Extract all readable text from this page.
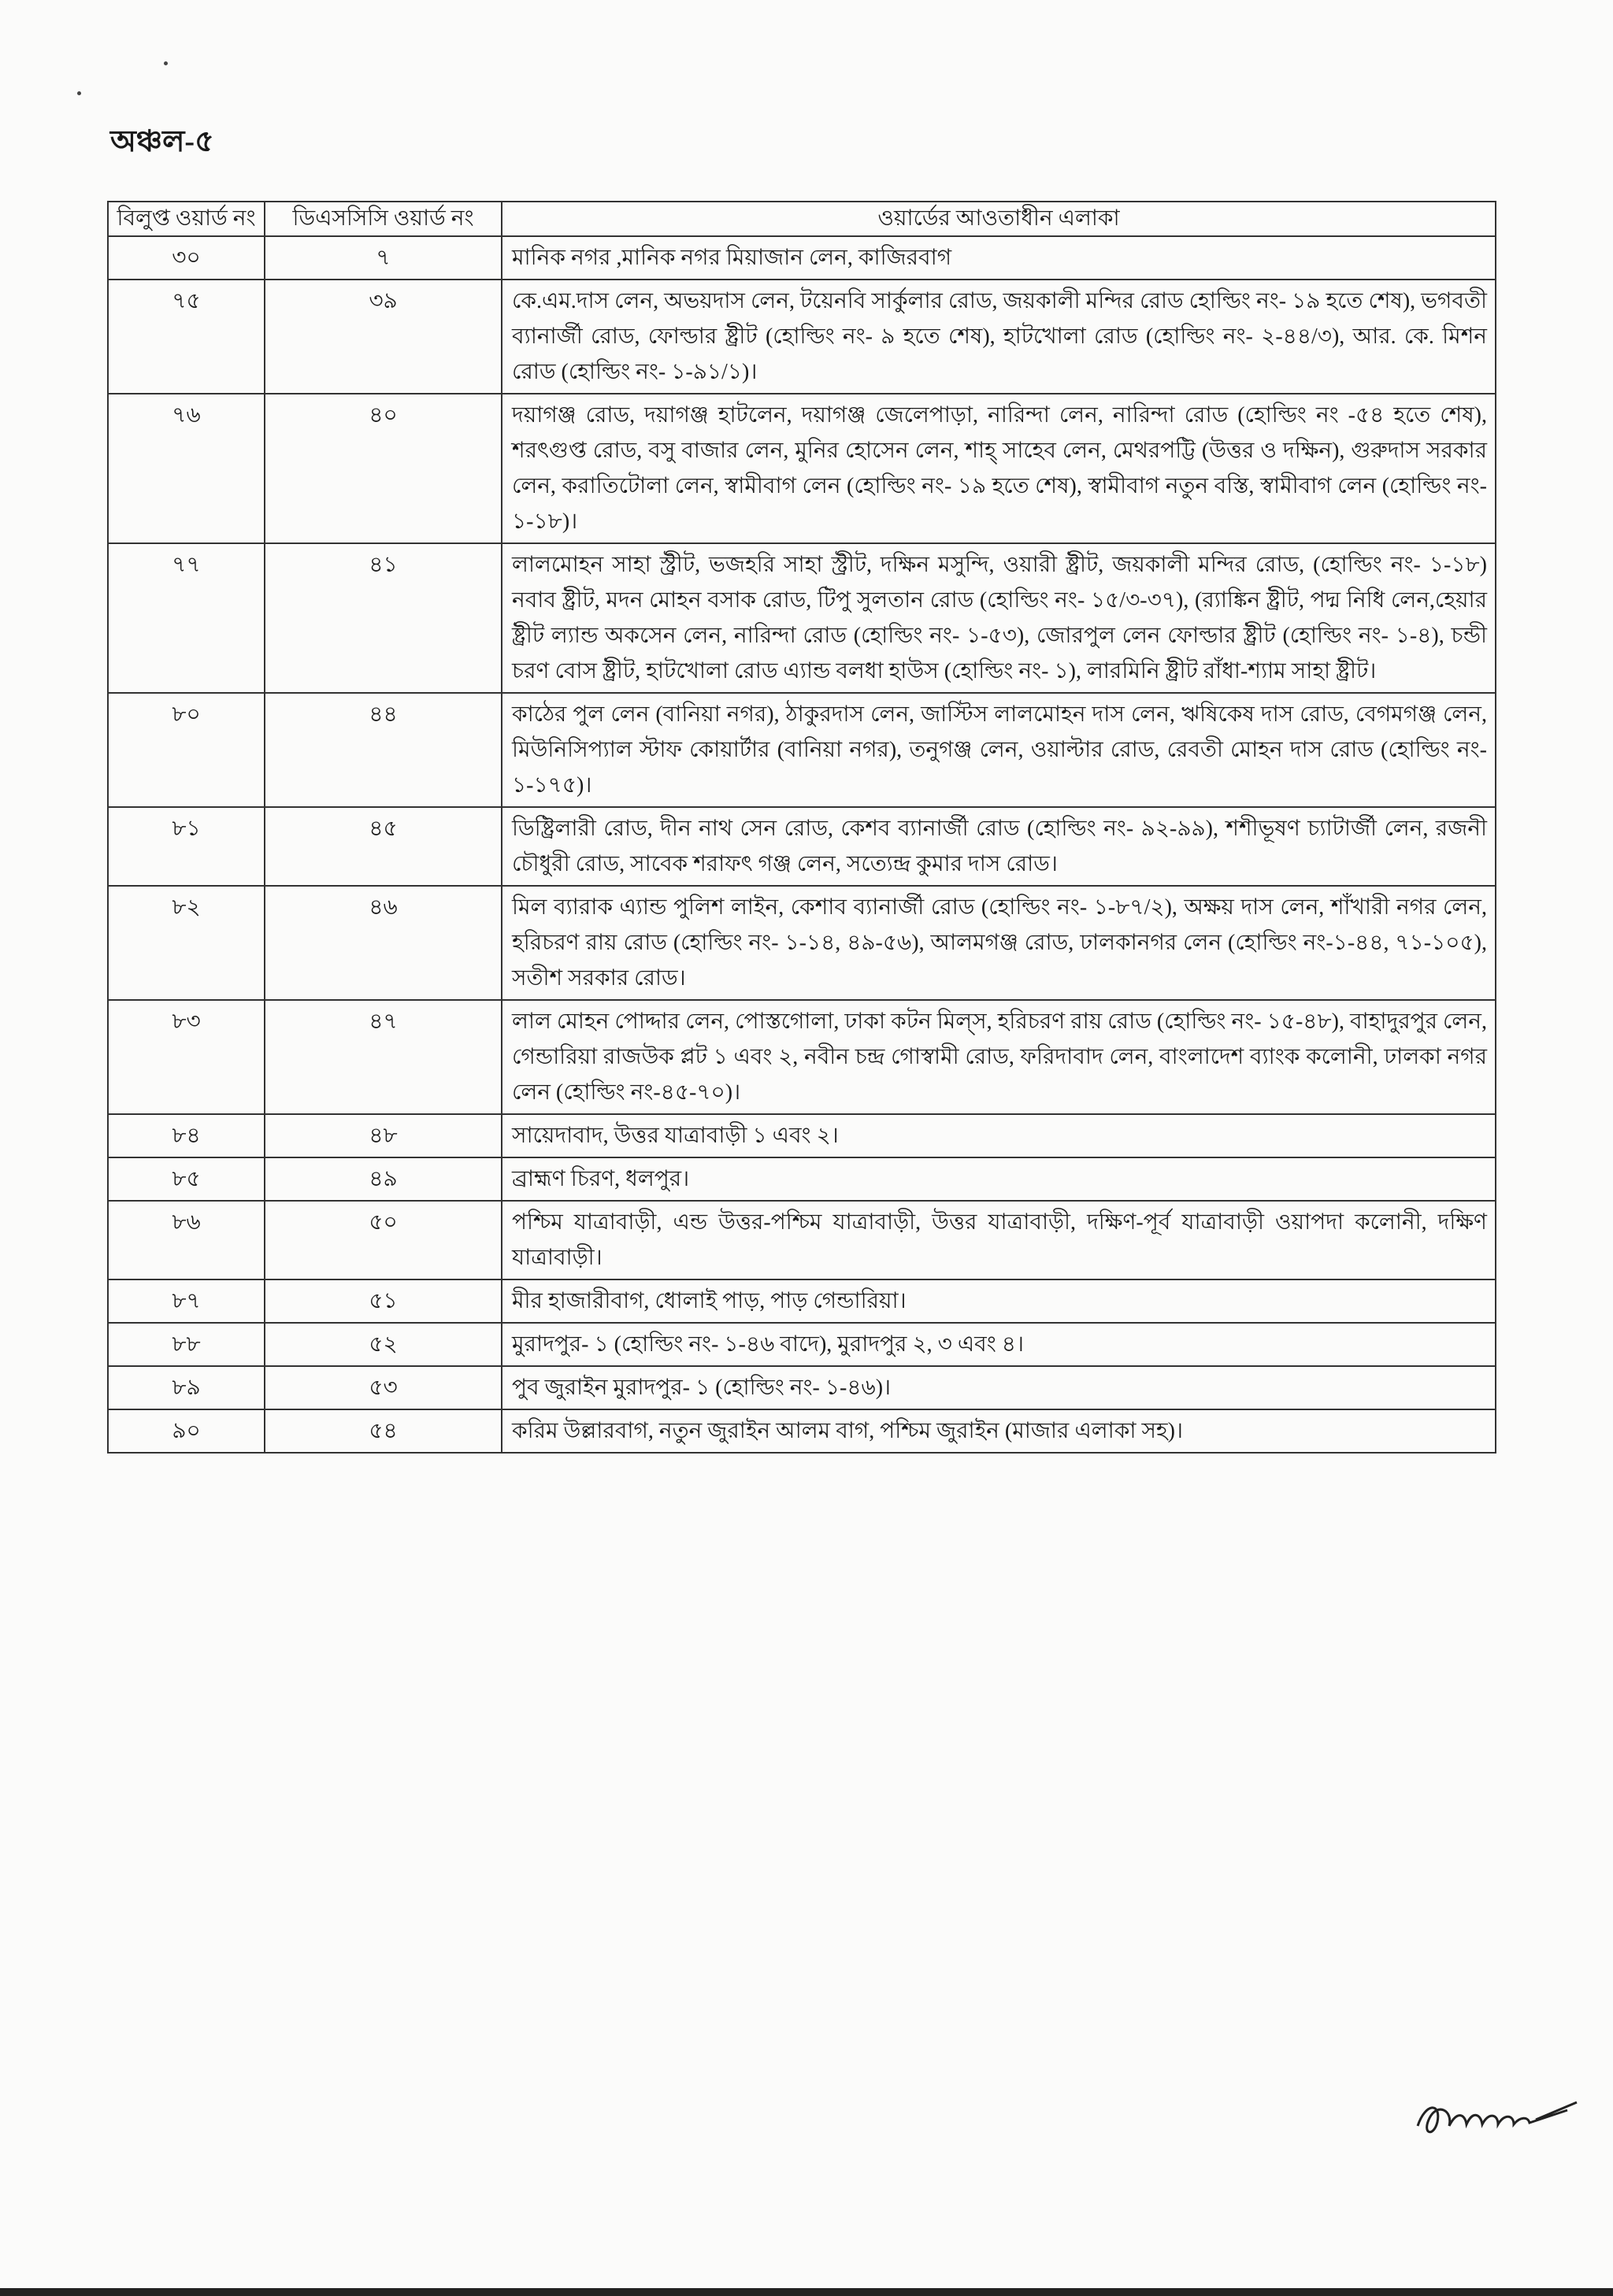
অঞ্চল-৫
বিলুপ্ত ওয়ার্ড নং	ডিএসসিসি ওয়ার্ড নং	ওয়ার্ডের আওতাধীন এলাকা
৩০	৭	মানিক নগর ,মানিক নগর মিয়াজান লেন, কাজিরবাগ
৭৫	৩৯	কে.এম.দাস লেন, অভয়দাস লেন, টয়েনবি সার্কুলার রোড, জয়কালী মন্দির রোড হোল্ডিং নং- ১৯ হতে শেষ), ভগবতী ব্যানার্জী রোড, ফোল্ডার ষ্ট্রীট (হোল্ডিং নং- ৯ হতে শেষ), হাটখোলা রোড (হোল্ডিং নং- ২-৪৪/৩), আর. কে. মিশন রোড (হোল্ডিং নং- ১-৯১/১)।
৭৬	৪০	দয়াগঞ্জ রোড, দয়াগঞ্জ হাটলেন, দয়াগঞ্জ জেলেপাড়া, নারিন্দা লেন, নারিন্দা রোড (হোল্ডিং নং -৫৪ হতে শেষ), শরৎগুপ্ত রোড, বসু বাজার লেন, মুনির হোসেন লেন, শাহ্ সাহেব লেন, মেথরপট্টি (উত্তর ও দক্ষিন), গুরুদাস সরকার লেন, করাতিটোলা লেন, স্বামীবাগ লেন (হোল্ডিং নং- ১৯ হতে শেষ), স্বামীবাগ নতুন বস্তি, স্বামীবাগ লেন (হোল্ডিং নং- ১-১৮)।
৭৭	৪১	লালমোহন সাহা স্ট্রীট, ভজহরি সাহা স্ট্রীট, দক্ষিন মসুন্দি, ওয়ারী ষ্ট্রীট, জয়কালী মন্দির রোড, (হোল্ডিং নং- ১-১৮) নবাব ষ্ট্রীট, মদন মোহন বসাক রোড, টিপু সুলতান রোড (হোল্ডিং নং- ১৫/৩-৩৭), (র‌্যাঙ্কিন ষ্ট্রীট, পদ্ম নিধি লেন,হেয়ার ষ্ট্রীট ল্যান্ড অকসেন লেন, নারিন্দা রোড (হোল্ডিং নং- ১-৫৩), জোরপুল লেন ফোল্ডার ষ্ট্রীট (হোল্ডিং নং- ১-৪), চন্ডী চরণ বোস ষ্ট্রীট, হাটখোলা রোড এ্যান্ড বলধা হাউস (হোল্ডিং নং- ১), লারমিনি ষ্ট্রীট রাঁধা-শ্যাম সাহা ষ্ট্রীট।
৮০	৪৪	কাঠের পুল লেন (বানিয়া নগর), ঠাকুরদাস লেন, জাস্টিস লালমোহন দাস লেন, ঋষিকেষ দাস রোড, বেগমগঞ্জ লেন, মিউনিসিপ্যাল স্টাফ কোয়ার্টার (বানিয়া নগর), তনুগঞ্জ লেন, ওয়াল্টার রোড, রেবতী মোহন দাস রোড (হোল্ডিং নং- ১-১৭৫)।
৮১	৪৫	ডিষ্ট্রিলারী রোড, দীন নাথ সেন রোড, কেশব ব্যানার্জী রোড (হোল্ডিং নং- ৯২-৯৯), শশীভূষণ চ্যাটার্জী লেন, রজনী চৌধুরী রোড, সাবেক শরাফৎ গঞ্জ লেন, সত্যেন্দ্র কুমার দাস রোড।
৮২	৪৬	মিল ব্যারাক এ্যান্ড পুলিশ লাইন, কেশাব ব্যানার্জী রোড (হোল্ডিং নং- ১-৮৭/২), অক্ষয় দাস লেন, শাঁখারী নগর লেন, হরিচরণ রায় রোড (হোল্ডিং নং- ১-১৪, ৪৯-৫৬), আলমগঞ্জ রোড, ঢালকানগর লেন (হোল্ডিং নং-১-৪৪, ৭১-১০৫), সতীশ সরকার রোড।
৮৩	৪৭	লাল মোহন পোদ্দার লেন, পোস্তগোলা, ঢাকা কটন মিল্‌স, হরিচরণ রায় রোড (হোল্ডিং নং- ১৫-৪৮), বাহাদুরপুর লেন, গেন্ডারিয়া রাজউক প্লট ১ এবং ২, নবীন চন্দ্র গোস্বামী রোড, ফরিদাবাদ লেন, বাংলাদেশ ব্যাংক কলোনী, ঢালকা নগর লেন (হোল্ডিং নং-৪৫-৭০)।
৮৪	৪৮	সায়েদাবাদ, উত্তর যাত্রাবাড়ী ১ এবং ২।
৮৫	৪৯	ব্রাহ্মণ চিরণ, ধলপুর।
৮৬	৫০	পশ্চিম যাত্রাবাড়ী, এন্ড উত্তর-পশ্চিম যাত্রাবাড়ী, উত্তর যাত্রাবাড়ী, দক্ষিণ-পূর্ব যাত্রাবাড়ী ওয়াপদা কলোনী, দক্ষিণ যাত্রাবাড়ী।
৮৭	৫১	মীর হাজারীবাগ, ধোলাই পাড়, পাড় গেন্ডারিয়া।
৮৮	৫২	মুরাদপুর- ১ (হোল্ডিং নং- ১-৪৬ বাদে), মুরাদপুর ২, ৩ এবং ৪।
৮৯	৫৩	পুব জুরাইন মুরাদপুর- ১ (হোল্ডিং নং- ১-৪৬)।
৯০	৫৪	করিম উল্লারবাগ, নতুন জুরাইন আলম বাগ, পশ্চিম জুরাইন (মাজার এলাকা সহ)।
